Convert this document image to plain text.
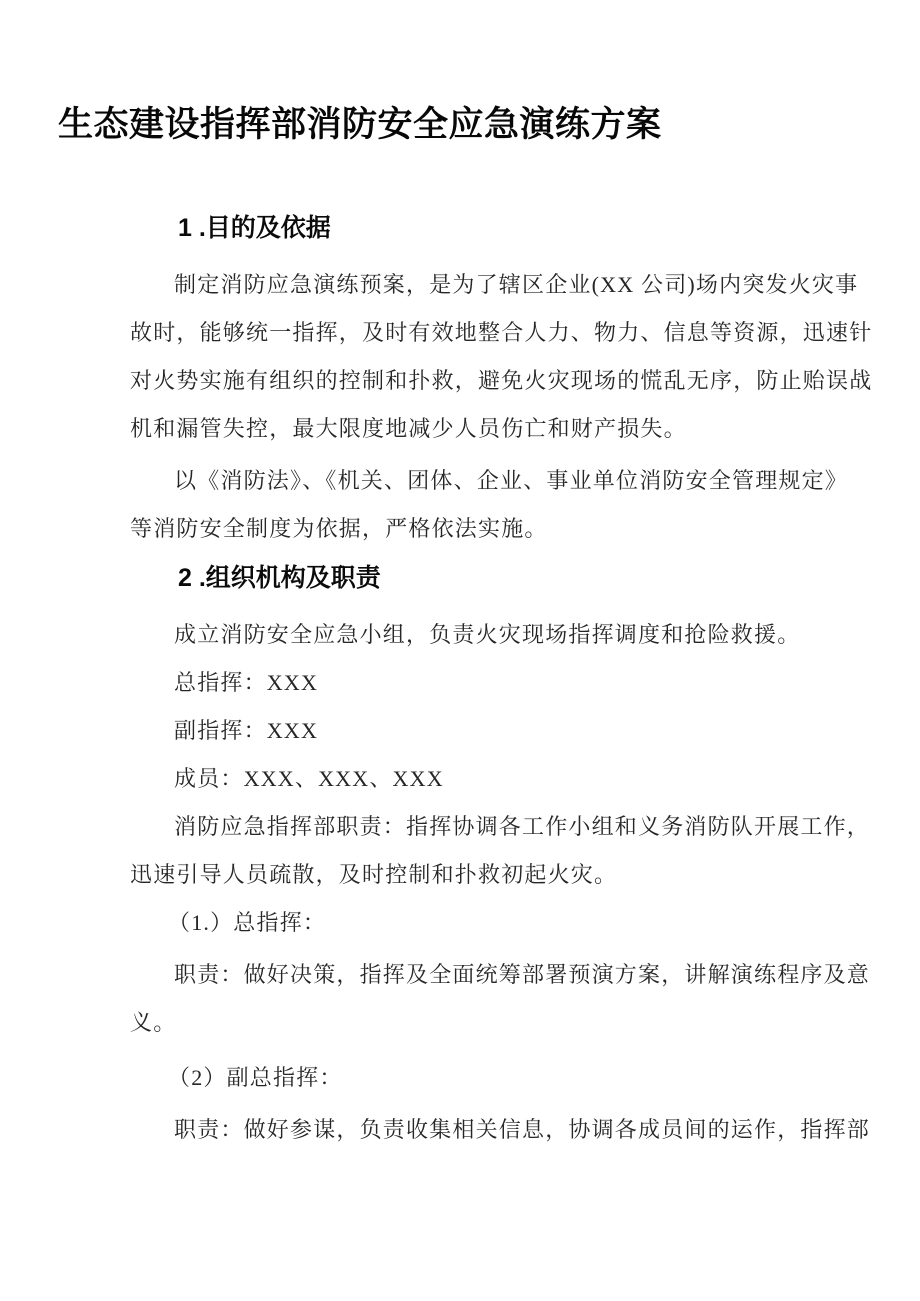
生态建设指挥部消防安全应急演练方案
1 .目的及依据

制定消防应急演练预案，是为了辖区企业(XX 公司)场内突发火灾事

故时，能够统一指挥，及时有效地整合人力、物力、信息等资源，迅速针

对火势实施有组织的控制和扑救，避免火灾现场的慌乱无序，防止贻误战

机和漏管失控，最大限度地减少人员伤亡和财产损失。

以《消防法》、《机关、团体、企业、事业单位消防安全管理规定》

等消防安全制度为依据，严格依法实施。

2 .组织机构及职责

成立消防安全应急小组，负责火灾现场指挥调度和抢险救援。

总指挥：XXX

副指挥：XXX

成员：XXX、XXX、XXX

消防应急指挥部职责：指挥协调各工作小组和义务消防队开展工作，

迅速引导人员疏散，及时控制和扑救初起火灾。

（1.）总指挥：

职责：做好决策，指挥及全面统筹部署预演方案，讲解演练程序及意

义。

（2）副总指挥：

职责：做好参谋，负责收集相关信息，协调各成员间的运作，指挥部
